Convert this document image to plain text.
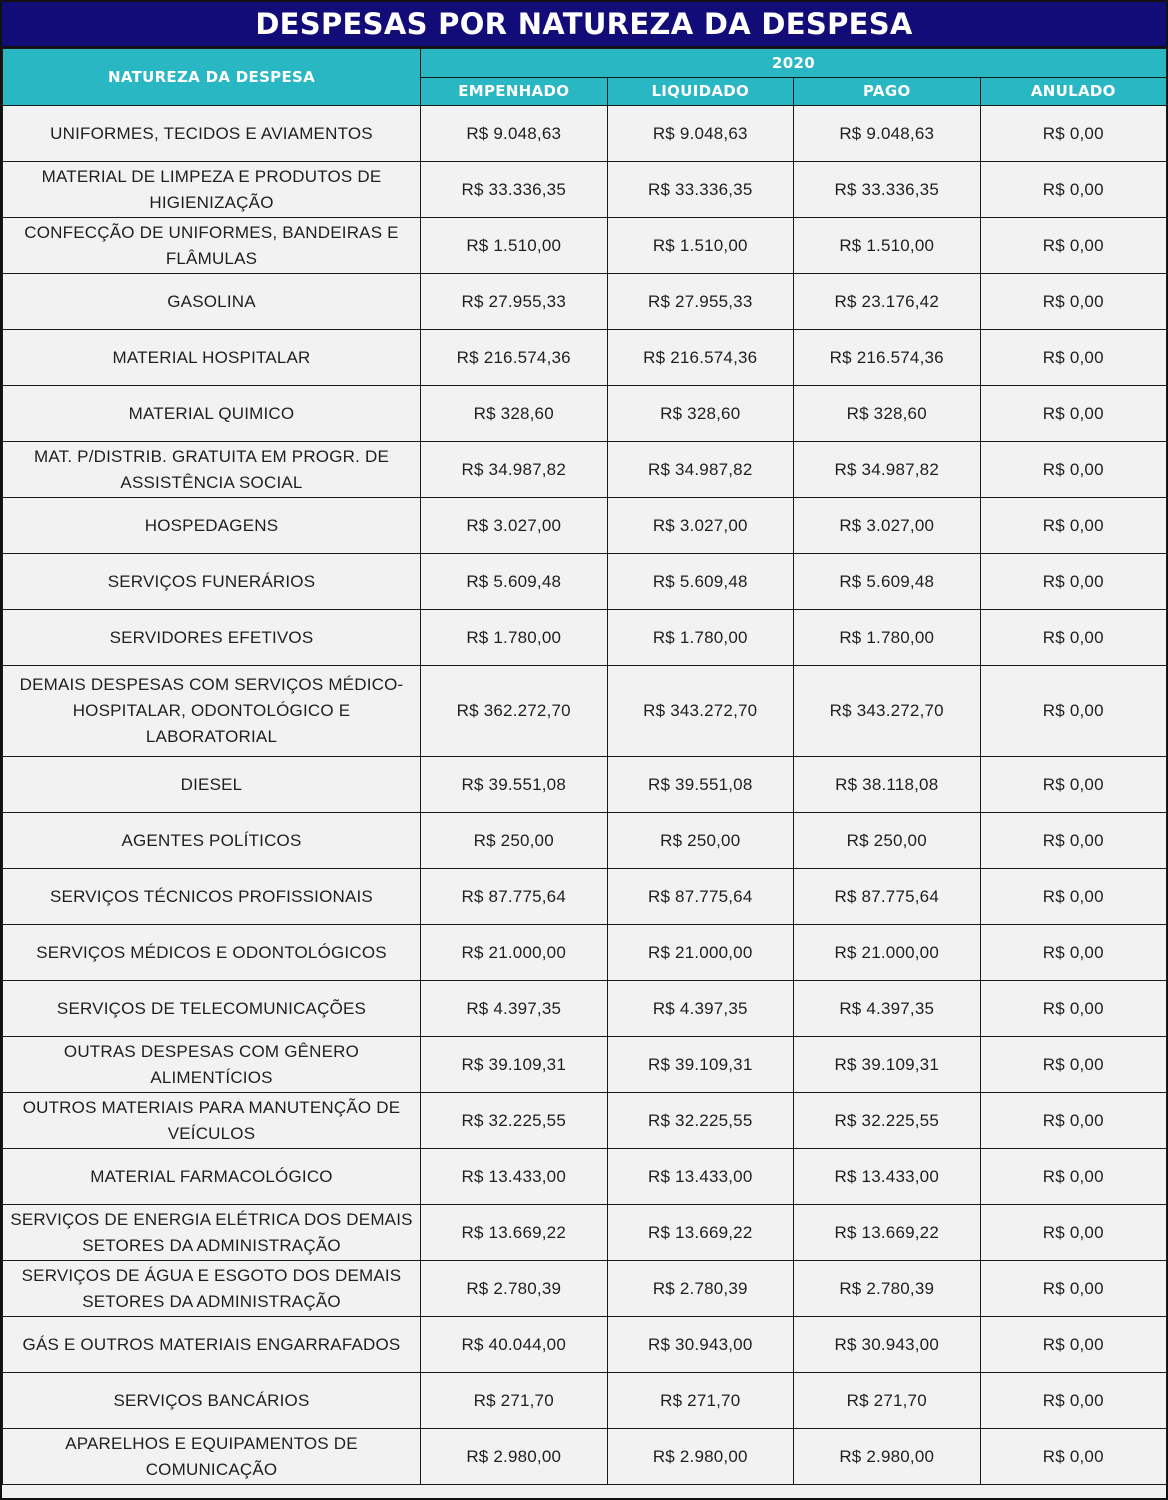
DESPESAS POR NATUREZA DA DESPESA
NATUREZA DA DESPESA	2020			
	EMPENHADO	LIQUIDADO	PAGO	ANULADO
UNIFORMES, TECIDOS E AVIAMENTOS	R$ 9.048,63	R$ 9.048,63	R$ 9.048,63	R$ 0,00
MATERIAL DE LIMPEZA E PRODUTOS DE HIGIENIZAÇÃO	R$ 33.336,35	R$ 33.336,35	R$ 33.336,35	R$ 0,00
CONFECÇÃO DE UNIFORMES, BANDEIRAS E FLÂMULAS	R$ 1.510,00	R$ 1.510,00	R$ 1.510,00	R$ 0,00
GASOLINA	R$ 27.955,33	R$ 27.955,33	R$ 23.176,42	R$ 0,00
MATERIAL HOSPITALAR	R$ 216.574,36	R$ 216.574,36	R$ 216.574,36	R$ 0,00
MATERIAL QUIMICO	R$ 328,60	R$ 328,60	R$ 328,60	R$ 0,00
MAT. P/DISTRIB. GRATUITA EM PROGR. DE ASSISTÊNCIA SOCIAL	R$ 34.987,82	R$ 34.987,82	R$ 34.987,82	R$ 0,00
HOSPEDAGENS	R$ 3.027,00	R$ 3.027,00	R$ 3.027,00	R$ 0,00
SERVIÇOS FUNERÁRIOS	R$ 5.609,48	R$ 5.609,48	R$ 5.609,48	R$ 0,00
SERVIDORES EFETIVOS	R$ 1.780,00	R$ 1.780,00	R$ 1.780,00	R$ 0,00
DEMAIS DESPESAS COM SERVIÇOS MÉDICO-HOSPITALAR, ODONTOLÓGICO E LABORATORIAL	R$ 362.272,70	R$ 343.272,70	R$ 343.272,70	R$ 0,00
DIESEL	R$ 39.551,08	R$ 39.551,08	R$ 38.118,08	R$ 0,00
AGENTES POLÍTICOS	R$ 250,00	R$ 250,00	R$ 250,00	R$ 0,00
SERVIÇOS TÉCNICOS PROFISSIONAIS	R$ 87.775,64	R$ 87.775,64	R$ 87.775,64	R$ 0,00
SERVIÇOS MÉDICOS E ODONTOLÓGICOS	R$ 21.000,00	R$ 21.000,00	R$ 21.000,00	R$ 0,00
SERVIÇOS DE TELECOMUNICAÇÕES	R$ 4.397,35	R$ 4.397,35	R$ 4.397,35	R$ 0,00
OUTRAS DESPESAS COM GÊNERO ALIMENTÍCIOS	R$ 39.109,31	R$ 39.109,31	R$ 39.109,31	R$ 0,00
OUTROS MATERIAIS PARA MANUTENÇÃO DE VEÍCULOS	R$ 32.225,55	R$ 32.225,55	R$ 32.225,55	R$ 0,00
MATERIAL FARMACOLÓGICO	R$ 13.433,00	R$ 13.433,00	R$ 13.433,00	R$ 0,00
SERVIÇOS DE ENERGIA ELÉTRICA DOS DEMAIS SETORES DA ADMINISTRAÇÃO	R$ 13.669,22	R$ 13.669,22	R$ 13.669,22	R$ 0,00
SERVIÇOS DE ÁGUA E ESGOTO DOS DEMAIS SETORES DA ADMINISTRAÇÃO	R$ 2.780,39	R$ 2.780,39	R$ 2.780,39	R$ 0,00
GÁS E OUTROS MATERIAIS ENGARRAFADOS	R$ 40.044,00	R$ 30.943,00	R$ 30.943,00	R$ 0,00
SERVIÇOS BANCÁRIOS	R$ 271,70	R$ 271,70	R$ 271,70	R$ 0,00
APARELHOS E EQUIPAMENTOS DE COMUNICAÇÃO	R$ 2.980,00	R$ 2.980,00	R$ 2.980,00	R$ 0,00
